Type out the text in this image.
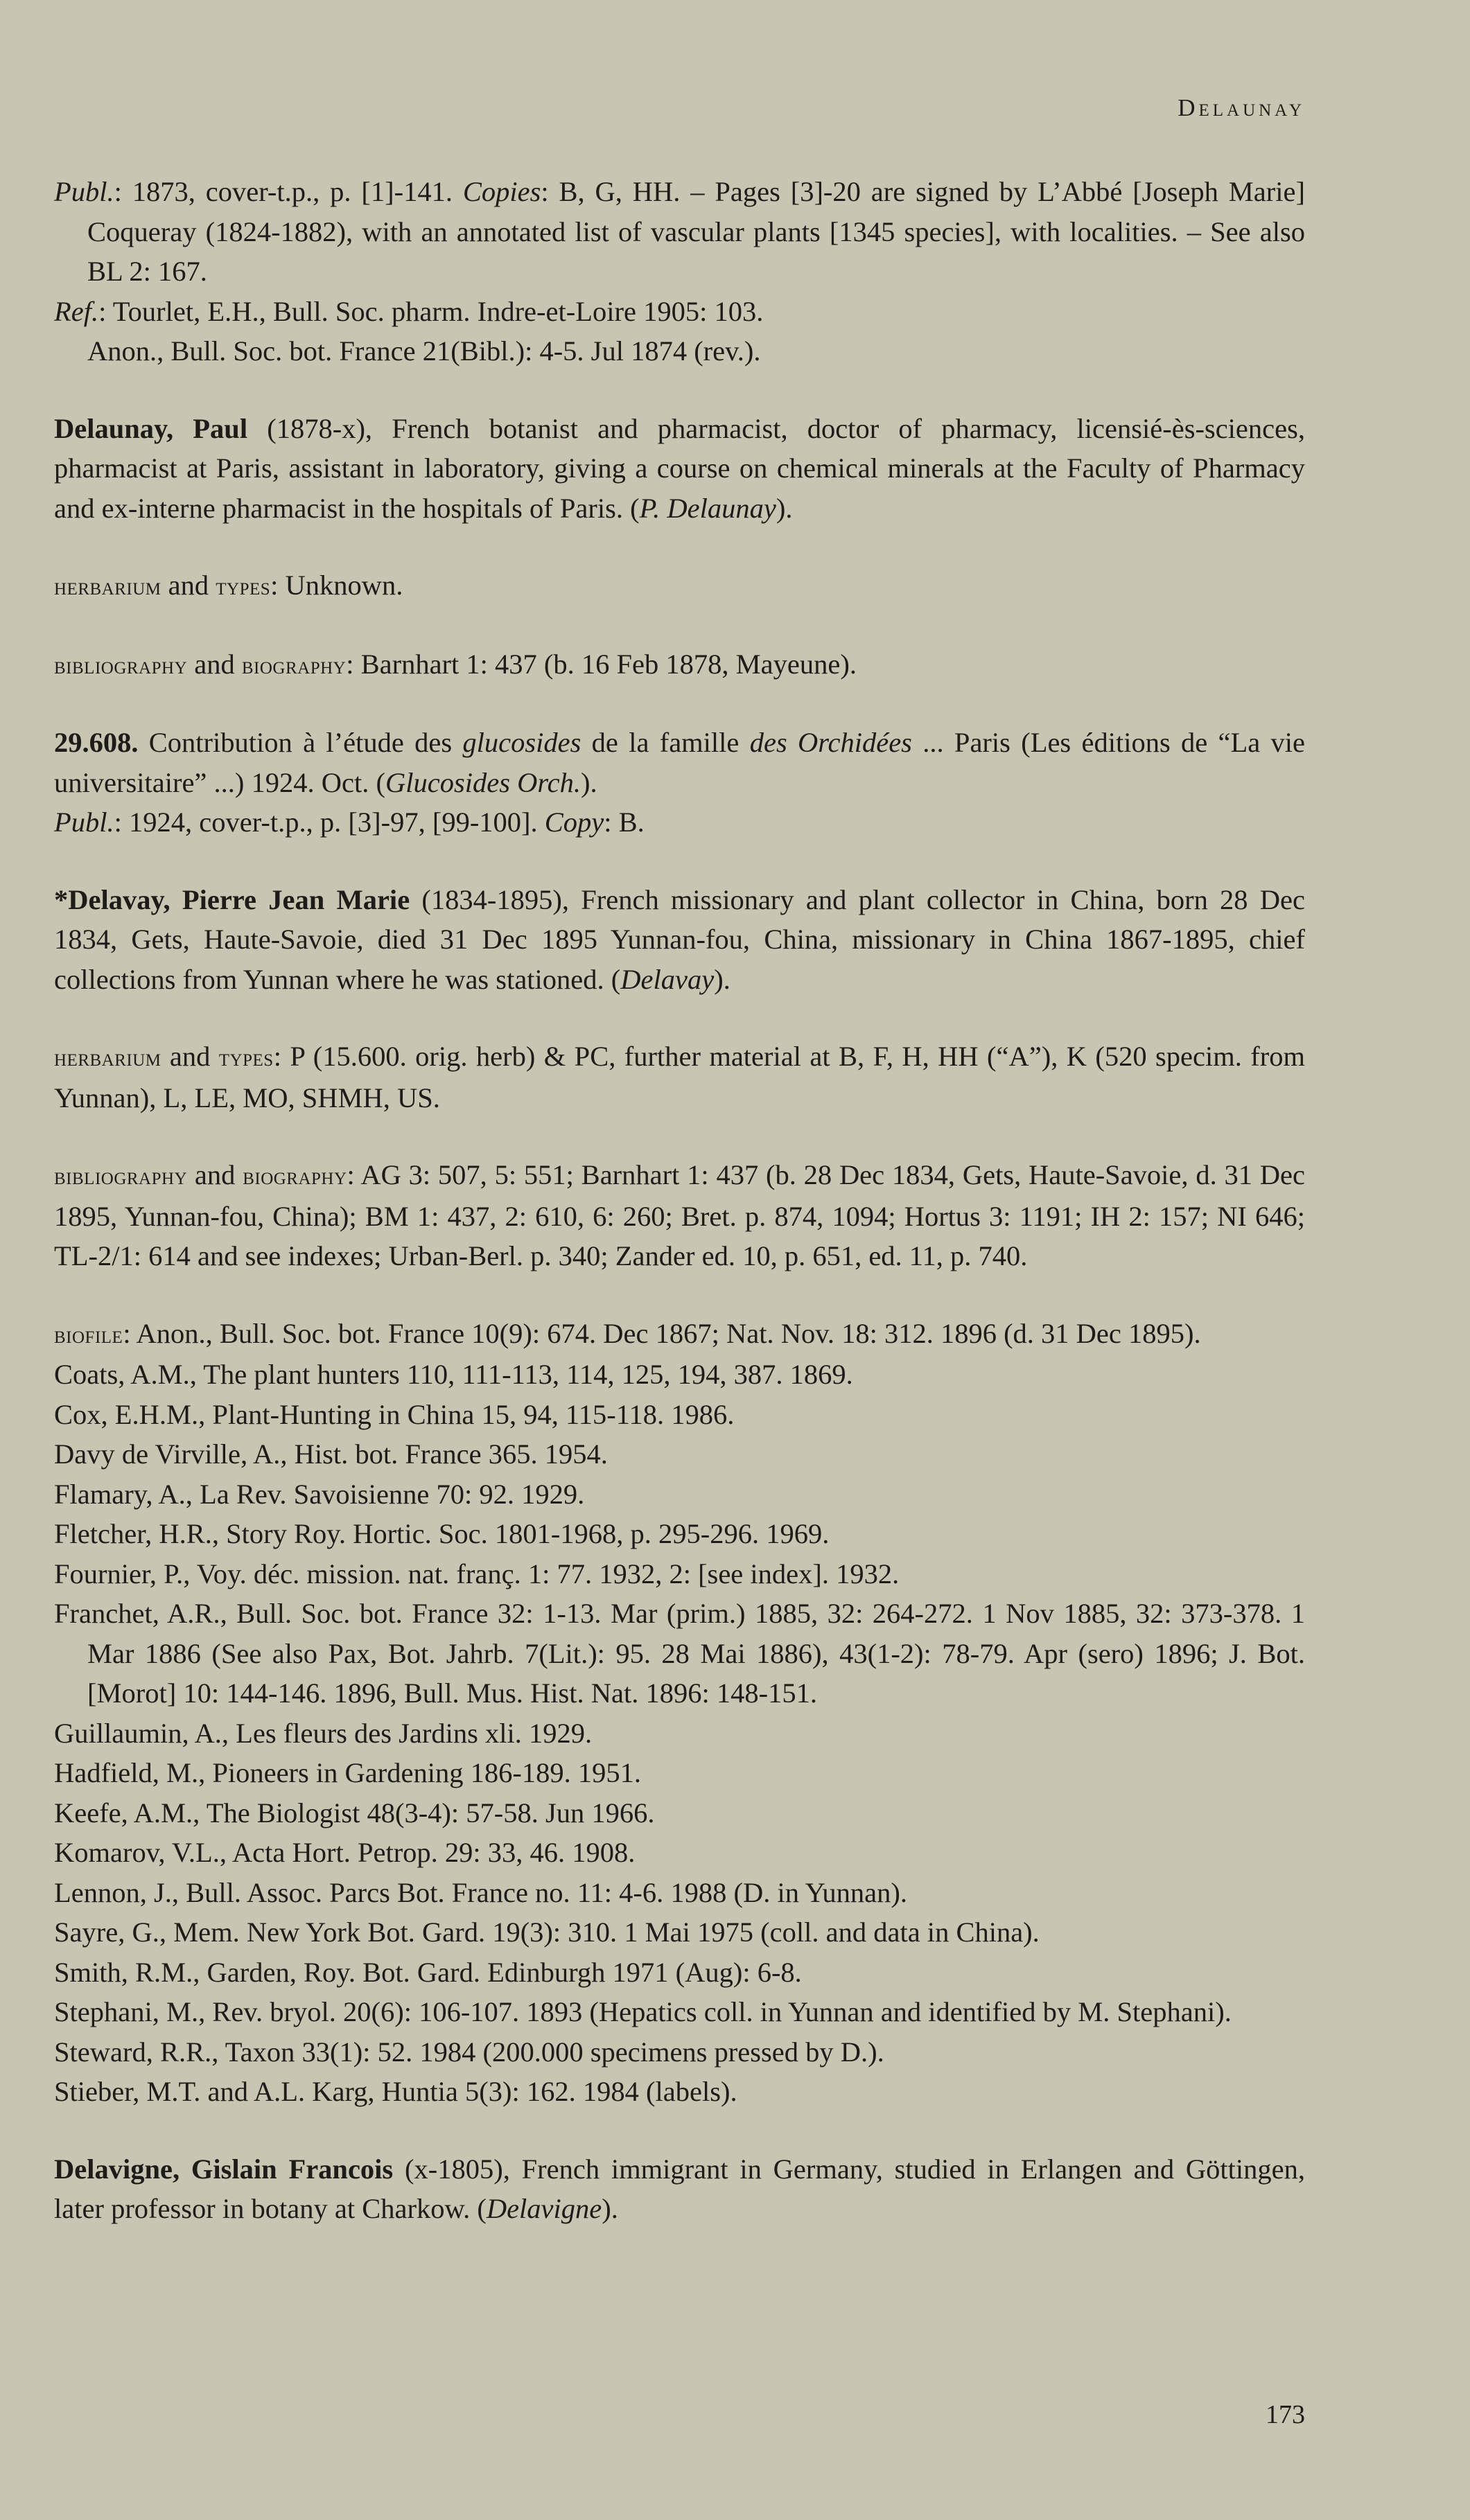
Delaunay
Publ.: 1873, cover-t.p., p. [1]-141. Copies: B, G, HH. – Pages [3]-20 are signed by L’Abbé [Joseph Marie] Coqueray (1824-1882), with an annotated list of vascular plants [1345 species], with localities. – See also BL 2: 167.
Ref.: Tourlet, E.H., Bull. Soc. pharm. Indre-et-Loire 1905: 103.
Anon., Bull. Soc. bot. France 21(Bibl.): 4-5. Jul 1874 (rev.).
Delaunay, Paul (1878-x), French botanist and pharmacist, doctor of pharmacy, licensié-ès-sciences, pharmacist at Paris, assistant in laboratory, giving a course on chemical minerals at the Faculty of Pharmacy and ex-interne pharmacist in the hospitals of Paris. (P. Delaunay).
herbarium and types: Unknown.
bibliography and biography: Barnhart 1: 437 (b. 16 Feb 1878, Mayeune).
29.608. Contribution à l’étude des glucosides de la famille des Orchidées ... Paris (Les éditions de “La vie universitaire” ...) 1924. Oct. (Glucosides Orch.).
Publ.: 1924, cover-t.p., p. [3]-97, [99-100]. Copy: B.
*Delavay, Pierre Jean Marie (1834-1895), French missionary and plant collector in China, born 28 Dec 1834, Gets, Haute-Savoie, died 31 Dec 1895 Yunnan-fou, China, missionary in China 1867-1895, chief collections from Yunnan where he was stationed. (Delavay).
herbarium and types: P (15.600. orig. herb) & PC, further material at B, F, H, HH (“A”), K (520 specim. from Yunnan), L, LE, MO, SHMH, US.
bibliography and biography: AG 3: 507, 5: 551; Barnhart 1: 437 (b. 28 Dec 1834, Gets, Haute-Savoie, d. 31 Dec 1895, Yunnan-fou, China); BM 1: 437, 2: 610, 6: 260; Bret. p. 874, 1094; Hortus 3: 1191; IH 2: 157; NI 646; TL-2/1: 614 and see indexes; Urban-Berl. p. 340; Zander ed. 10, p. 651, ed. 11, p. 740.
biofile: Anon., Bull. Soc. bot. France 10(9): 674. Dec 1867; Nat. Nov. 18: 312. 1896 (d. 31 Dec 1895).
Coats, A.M., The plant hunters 110, 111-113, 114, 125, 194, 387. 1869.
Cox, E.H.M., Plant-Hunting in China 15, 94, 115-118. 1986.
Davy de Virville, A., Hist. bot. France 365. 1954.
Flamary, A., La Rev. Savoisienne 70: 92. 1929.
Fletcher, H.R., Story Roy. Hortic. Soc. 1801-1968, p. 295-296. 1969.
Fournier, P., Voy. déc. mission. nat. franç. 1: 77. 1932, 2: [see index]. 1932.
Franchet, A.R., Bull. Soc. bot. France 32: 1-13. Mar (prim.) 1885, 32: 264-272. 1 Nov 1885, 32: 373-378. 1 Mar 1886 (See also Pax, Bot. Jahrb. 7(Lit.): 95. 28 Mai 1886), 43(1-2): 78-79. Apr (sero) 1896; J. Bot. [Morot] 10: 144-146. 1896, Bull. Mus. Hist. Nat. 1896: 148-151.
Guillaumin, A., Les fleurs des Jardins xli. 1929.
Hadfield, M., Pioneers in Gardening 186-189. 1951.
Keefe, A.M., The Biologist 48(3-4): 57-58. Jun 1966.
Komarov, V.L., Acta Hort. Petrop. 29: 33, 46. 1908.
Lennon, J., Bull. Assoc. Parcs Bot. France no. 11: 4-6. 1988 (D. in Yunnan).
Sayre, G., Mem. New York Bot. Gard. 19(3): 310. 1 Mai 1975 (coll. and data in China).
Smith, R.M., Garden, Roy. Bot. Gard. Edinburgh 1971 (Aug): 6-8.
Stephani, M., Rev. bryol. 20(6): 106-107. 1893 (Hepatics coll. in Yunnan and identified by M. Stephani).
Steward, R.R., Taxon 33(1): 52. 1984 (200.000 specimens pressed by D.).
Stieber, M.T. and A.L. Karg, Huntia 5(3): 162. 1984 (labels).
Delavigne, Gislain Francois (x-1805), French immigrant in Germany, studied in Erlangen and Göttingen, later professor in botany at Charkow. (Delavigne).
173
